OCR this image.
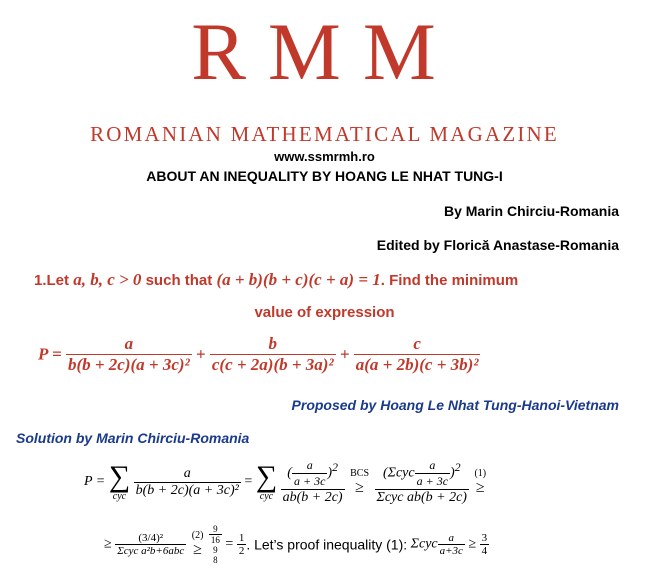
RMM
ROMANIAN MATHEMATICAL MAGAZINE
www.ssmrmh.ro
ABOUT AN INEQUALITY BY HOANG LE NHAT TUNG-I
By Marin Chirciu-Romania
Edited by Florică Anastase-Romania
1.Let a, b, c > 0 such that (a + b)(b + c)(c + a) = 1. Find the minimum
value of expression
$P = \frac{a}{\text{b(b + 2c)(a + 3c)²}} + \frac{b}{\text{c(c + 2a)(b + 3a)²}} + \frac{c}{\text{a(a + 2b)(c + 3b)²}}$
Proposed by Hoang Le Nhat Tung-Hanoi-Vietnam
Solution by Marin Chirciu-Romania
P = ∑
cyc
$\frac{a}{\text{b(b + 2c)(a + 3c)²}}$ = ∑
cyc
$\frac{( \frac{a}{a + 3c} )^2}{ab(b + 2c)}$
BCS
≥
$\frac{(\Sigma cyc \frac{a}{a + 3c} )^2}{\text{Σcyc ab(b + 2c)}}$
(1)
≥
≥ $\frac{\text{(3/4)²}}{\text{Σcyc a²b+6abc}}$
(2)
≥

9
16
9
8
= $\frac{1}{2}$ . Let’s proof inequality (1): Σcyc $\frac{a}{a+3c} \ge \frac{3}{4}$
